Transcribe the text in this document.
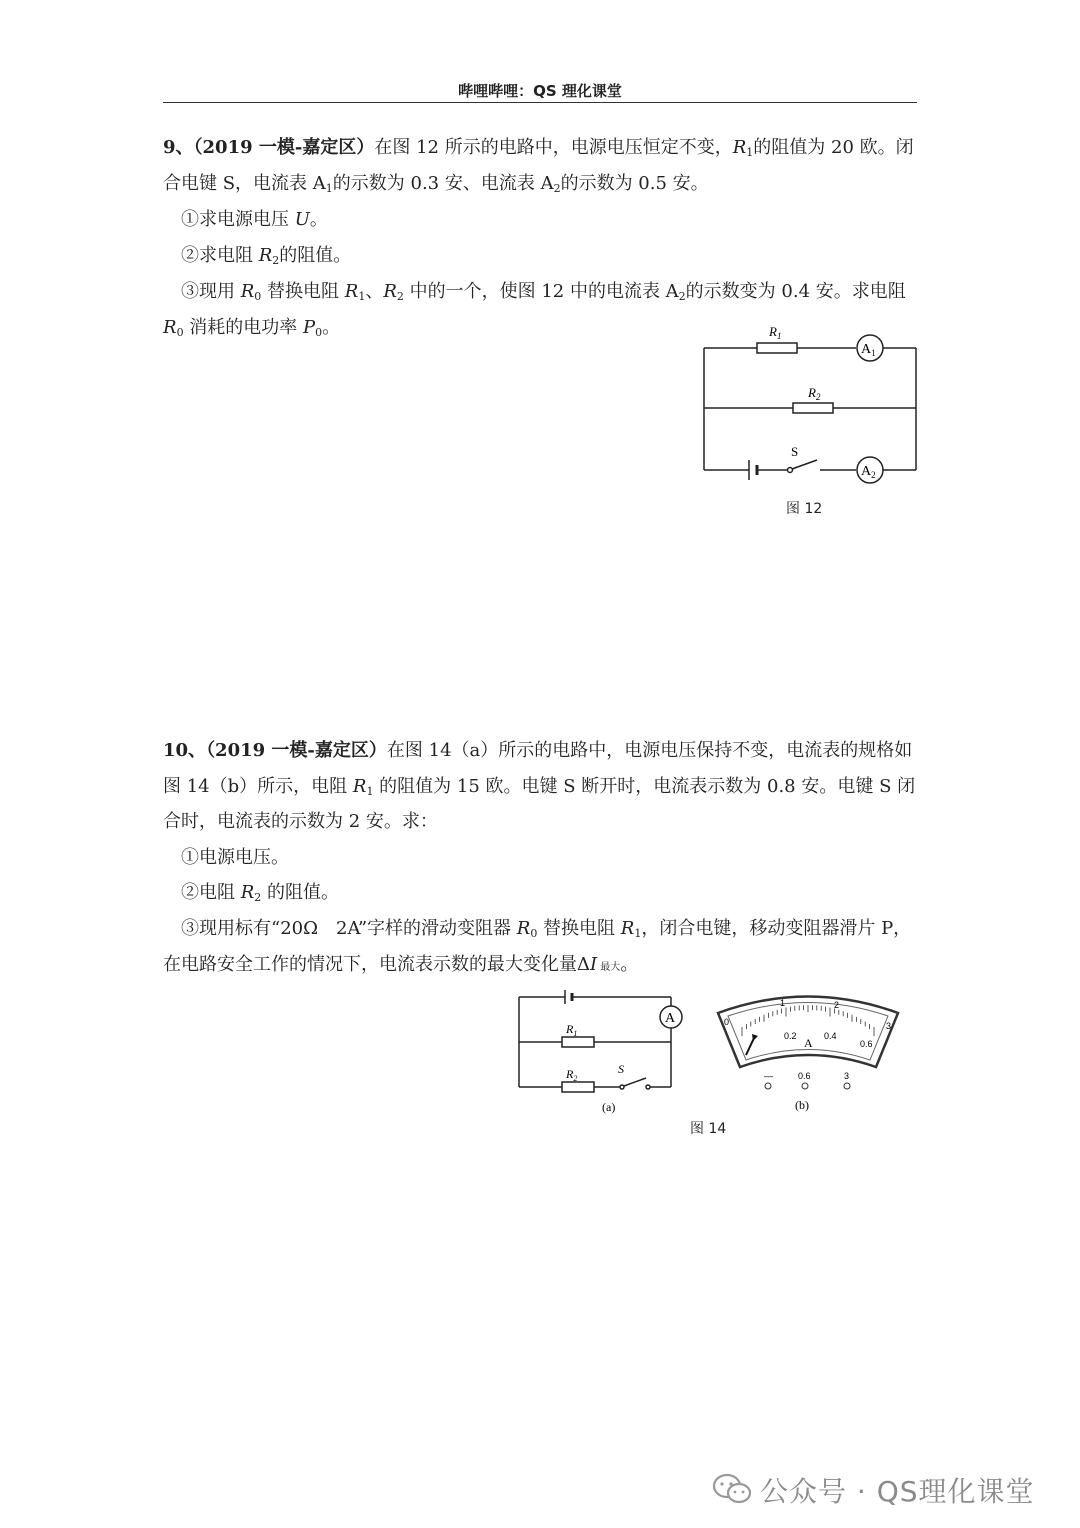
哔哩哔哩：QS 理化课堂
9、（2019 一模-嘉定区）在图 12 所示的电路中，电源电压恒定不变，$R_1$的阻值为 20 欧。闭
合电键 S，电流表 $A_1$的示数为 0.3 安、电流表 $A_2$的示数为 0.5 安。
①求电源电压 U。
②求电阻 $R_2$的阻值。
③现用 $R_0$ 替换电阻 $R_1$、$R_2$ 中的一个，使图 12 中的电流表 $A_2$的示数变为 0.4 安。求电阻
$R_0$ 消耗的电功率 $P_0$。	$R_1$
$R_2$
$A_1$
$A_2$
S
图 12
10、（2019 一模-嘉定区）在图 14（a）所示的电路中，电源电压保持不变，电流表的规格如
图 14（b）所示，电阻 $R_1$ 的阻值为 15 欧。电键 S 断开时，电流表示数为 0.8 安。电键 S 闭
合时，电流表的示数为 2 安。求：
①电源电压。
②电阻 $R_2$ 的阻值。
③现用标有“20Ω　2A”字样的滑动变阻器 $R_0$ 替换电阻 $R_1$，闭合电键，移动变阻器滑片 P，
在电路安全工作的情况下，电流表示数的最大变化量ΔI 最大。
A
$R_1$
$R_2$
S
(a)
0
1	2
3
0.2	0.4
0.6
A
—	0.6	3
(b)
图 14
公众号 · QS理化课堂
